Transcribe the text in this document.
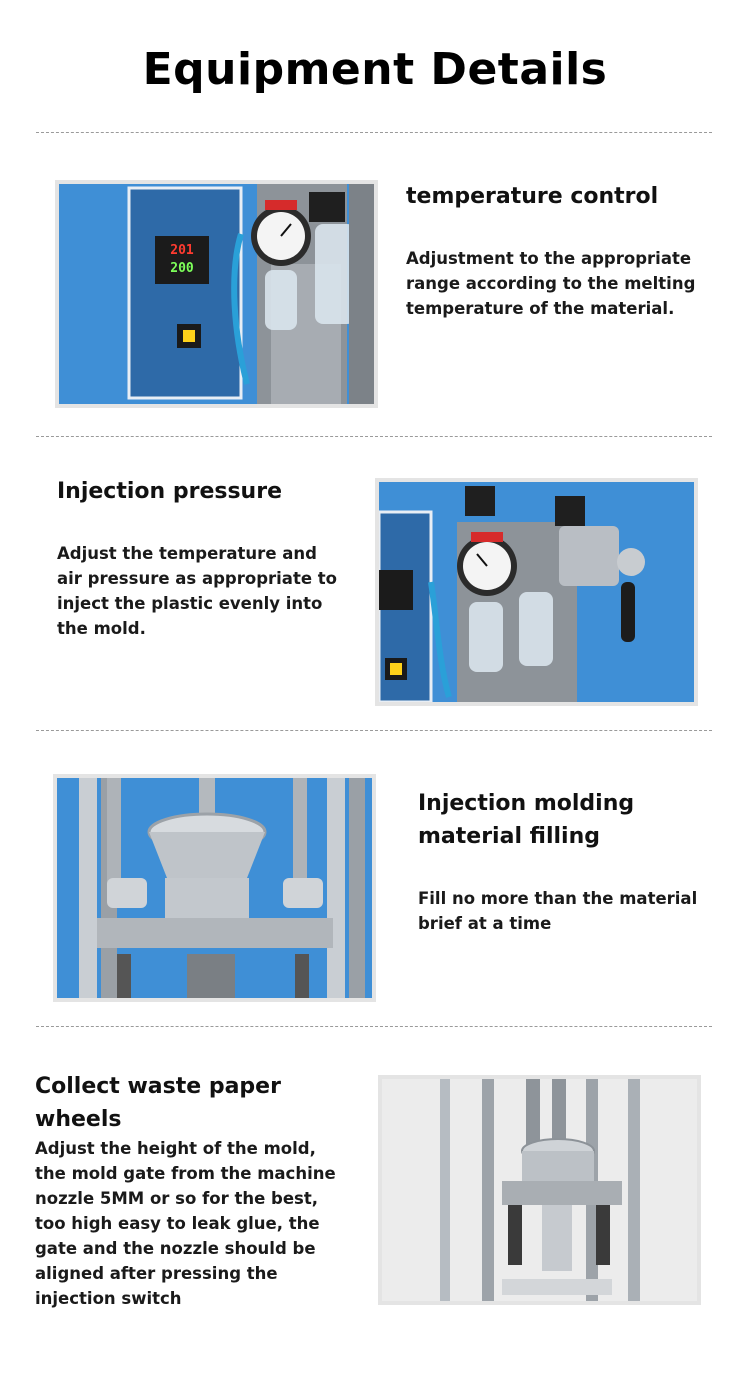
Equipment Details
201
200
temperature control
Adjustment to the appropriate range according to the melting temperature of the material.
Injection pressure
Adjust the temperature and air pressure as appropriate to inject the plastic evenly into the mold.
Injection molding material filling
Fill no more than the material brief at a time
Collect waste paper wheels
Adjust the height of the mold, the mold gate from the machine nozzle 5MM or so for the best, too high easy to leak glue, the gate and the nozzle should be aligned after pressing the injection switch
